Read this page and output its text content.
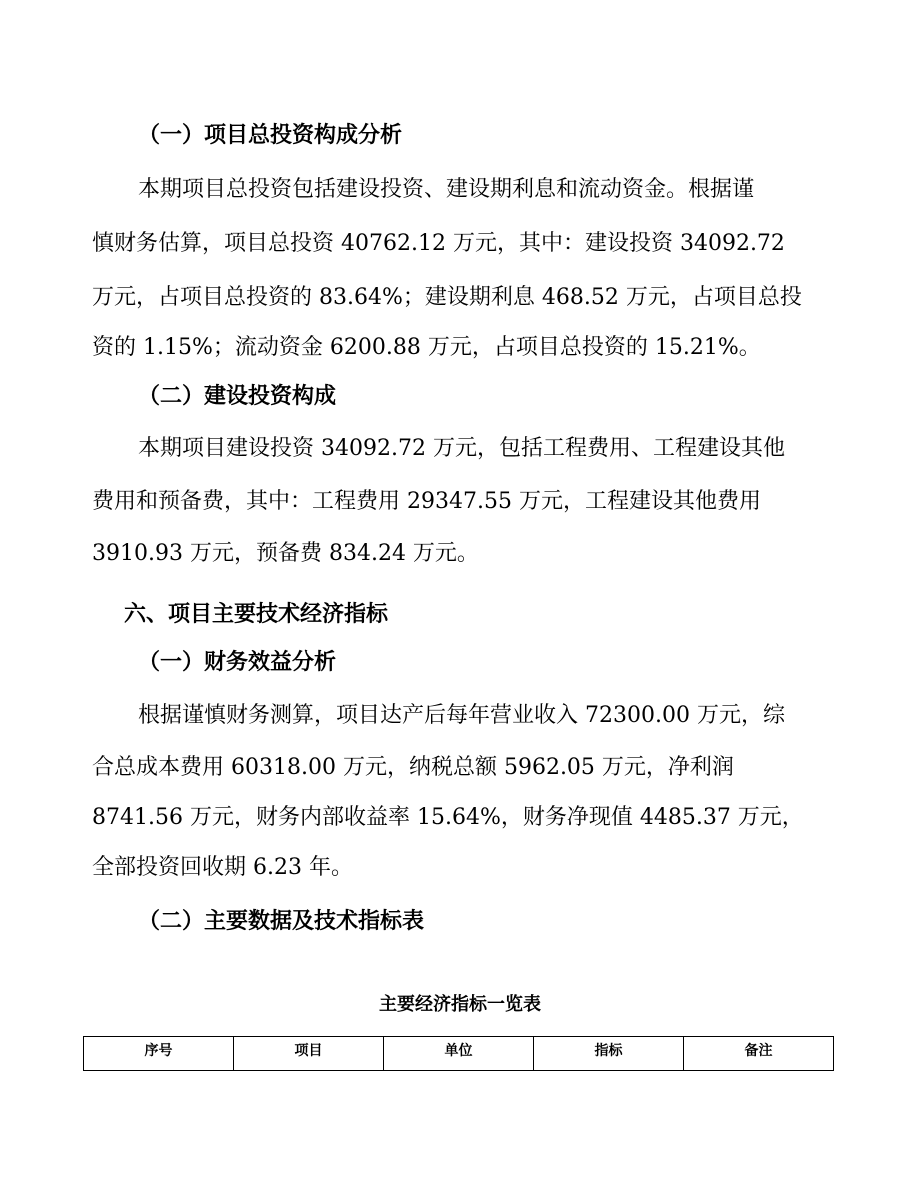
（一）项目总投资构成分析
本期项目总投资包括建设投资、建设期利息和流动资金。根据谨
慎财务估算，项目总投资 40762.12 万元，其中：建设投资 34092.72
万元，占项目总投资的 83.64%；建设期利息 468.52 万元，占项目总投
资的 1.15%；流动资金 6200.88 万元，占项目总投资的 15.21%。
（二）建设投资构成
本期项目建设投资 34092.72 万元，包括工程费用、工程建设其他
费用和预备费，其中：工程费用 29347.55 万元，工程建设其他费用
3910.93 万元，预备费 834.24 万元。
六、项目主要技术经济指标
（一）财务效益分析
根据谨慎财务测算，项目达产后每年营业收入 72300.00 万元，综
合总成本费用 60318.00 万元，纳税总额 5962.05 万元，净利润
8741.56 万元，财务内部收益率 15.64%，财务净现值 4485.37 万元，
全部投资回收期 6.23 年。
（二）主要数据及技术指标表
主要经济指标一览表
序号	项目	单位	指标	备注
